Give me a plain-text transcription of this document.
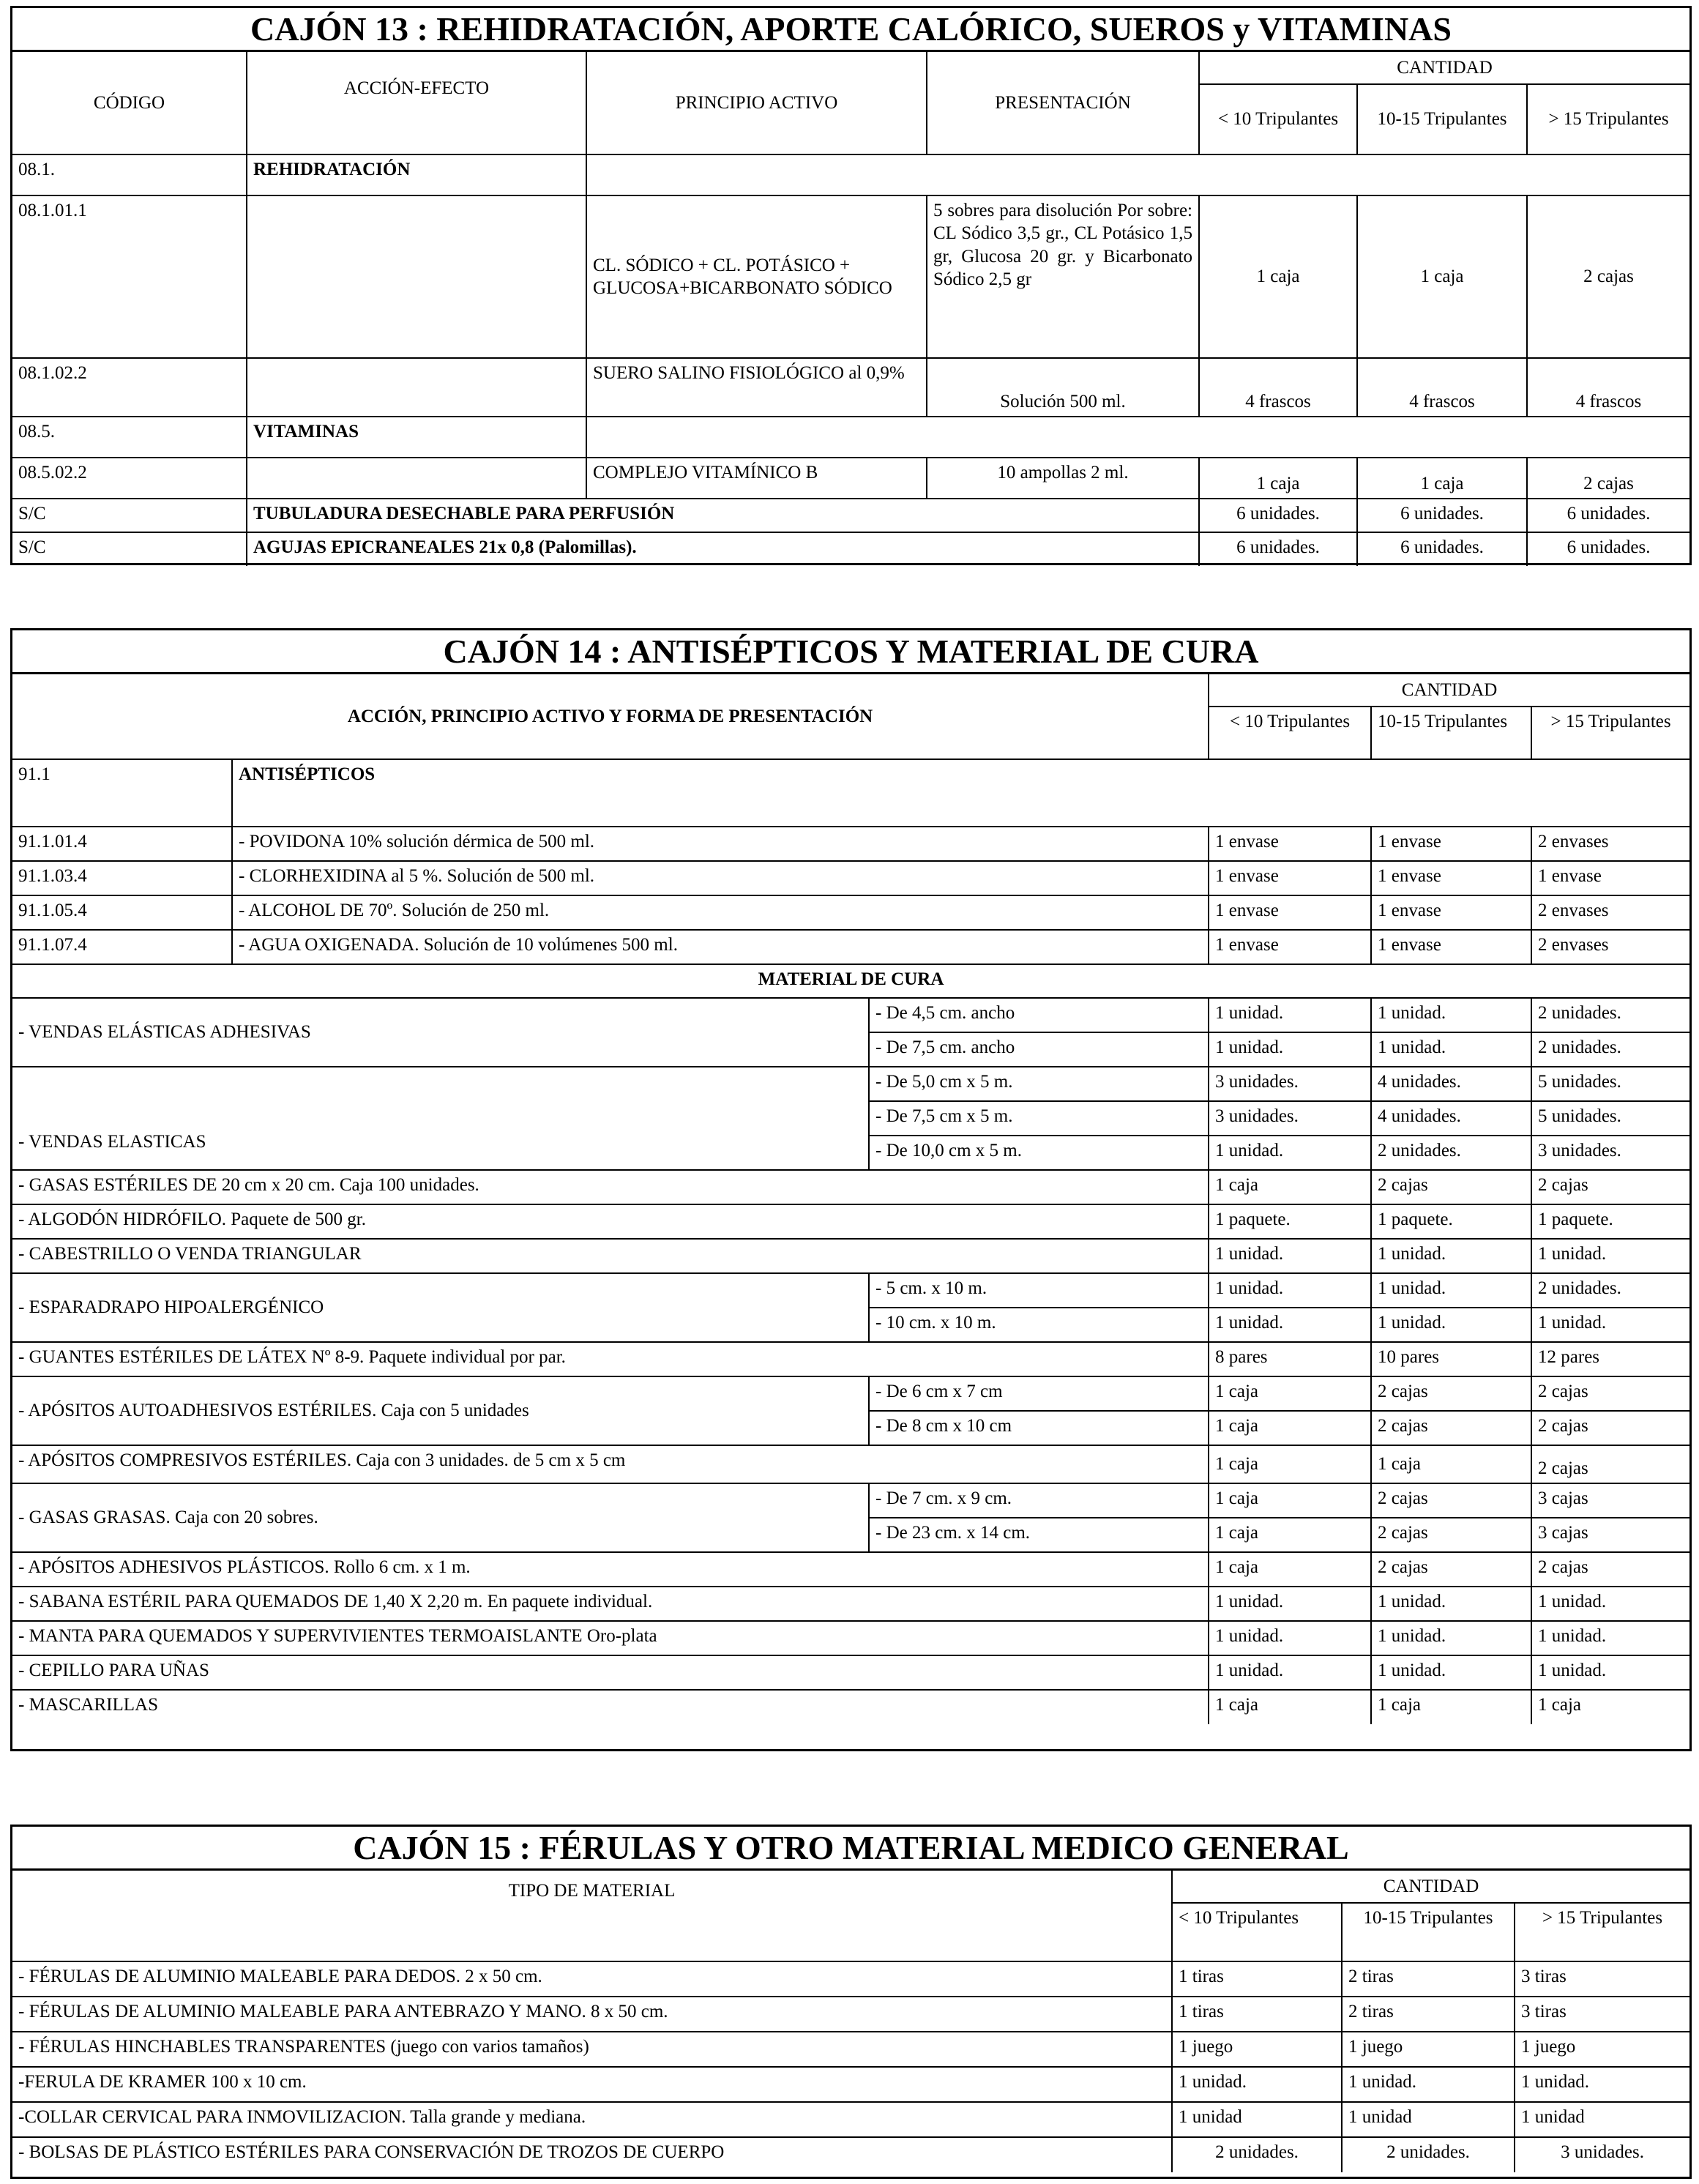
CAJÓN 13 : REHIDRATACIÓN, APORTE CALÓRICO, SUEROS y VITAMINAS
CÓDIGO	ACCIÓN-EFECTO	PRINCIPIO ACTIVO	PRESENTACIÓN	CANTIDAD		
				< 10 Tripulantes	10-15 Tripulantes	> 15 Tripulantes
08.1.	REHIDRATACIÓN					
08.1.01.1		CL. SÓDICO + CL. POTÁSICO + GLUCOSA+BICARBONATO SÓDICO	5 sobres para disolución Por sobre: CL Sódico 3,5 gr., CL Potásico 1,5 gr, Glucosa 20 gr. y Bicarbonato Sódico 2,5 gr	1 caja	1 caja	2 cajas
08.1.02.2		SUERO SALINO FISIOLÓGICO al 0,9%	Solución 500 ml.	4 frascos	4 frascos	4 frascos
08.5.	VITAMINAS					
08.5.02.2		COMPLEJO VITAMÍNICO B	10 ampollas 2 ml.	1 caja	1 caja	2 cajas
S/C	TUBULADURA DESECHABLE PARA PERFUSIÓN			6 unidades.	6 unidades.	6 unidades.
S/C	AGUJAS EPICRANEALES 21x 0,8 (Palomillas).			6 unidades.	6 unidades.	6 unidades.
CAJÓN 14 : ANTISÉPTICOS Y MATERIAL DE CURA
ACCIÓN, PRINCIPIO ACTIVO Y FORMA DE PRESENTACIÓN			CANTIDAD		
			< 10 Tripulantes	10-15 Tripulantes	> 15 Tripulantes
91.1	ANTISÉPTICOS				
91.1.01.4	- POVIDONA 10% solución dérmica de 500 ml.		1 envase	1 envase	2 envases
91.1.03.4	- CLORHEXIDINA al 5 %. Solución de 500 ml.		1 envase	1 envase	1 envase
91.1.05.4	- ALCOHOL DE 70º. Solución de 250 ml.		1 envase	1 envase	2 envases
91.1.07.4	- AGUA OXIGENADA. Solución de 10 volúmenes 500 ml.		1 envase	1 envase	2 envases
MATERIAL DE CURA					
- VENDAS ELÁSTICAS ADHESIVAS		- De 4,5 cm. ancho	1 unidad.	1 unidad.	2 unidades.
		- De 7,5 cm. ancho	1 unidad.	1 unidad.	2 unidades.
- VENDAS ELASTICAS		- De 5,0 cm x 5 m.	3 unidades.	4 unidades.	5 unidades.
		- De 7,5 cm x 5 m.	3 unidades.	4 unidades.	5 unidades.
		- De 10,0 cm x 5 m.	1 unidad.	2 unidades.	3 unidades.
- GASAS ESTÉRILES DE 20 cm x 20 cm. Caja 100 unidades.			1 caja	2 cajas	2 cajas
- ALGODÓN HIDRÓFILO. Paquete de 500 gr.			1 paquete.	1 paquete.	1 paquete.
- CABESTRILLO O VENDA TRIANGULAR			1 unidad.	1 unidad.	1 unidad.
- ESPARADRAPO HIPOALERGÉNICO		- 5 cm. x 10 m.	1 unidad.	1 unidad.	2 unidades.
		- 10 cm. x 10 m.	1 unidad.	1 unidad.	1 unidad.
- GUANTES ESTÉRILES DE LÁTEX Nº 8-9. Paquete individual por par.			8 pares	10 pares	12 pares
- APÓSITOS AUTOADHESIVOS ESTÉRILES. Caja con 5 unidades		- De 6 cm x 7 cm	1 caja	2 cajas	2 cajas
		- De 8 cm x 10 cm	1 caja	2 cajas	2 cajas
- APÓSITOS COMPRESIVOS ESTÉRILES. Caja con 3 unidades. de 5 cm x 5 cm			1 caja	1 caja	2 cajas
- GASAS GRASAS. Caja con 20 sobres.		- De 7 cm. x 9 cm.	1 caja	2 cajas	3 cajas
		- De 23 cm. x 14 cm.	1 caja	2 cajas	3 cajas
- APÓSITOS ADHESIVOS PLÁSTICOS. Rollo 6 cm. x 1 m.			1 caja	2 cajas	2 cajas
- SABANA ESTÉRIL PARA QUEMADOS DE 1,40 X 2,20 m. En paquete individual.			1 unidad.	1 unidad.	1 unidad.
- MANTA PARA QUEMADOS Y SUPERVIVIENTES TERMOAISLANTE Oro-plata			1 unidad.	1 unidad.	1 unidad.
- CEPILLO PARA UÑAS			1 unidad.	1 unidad.	1 unidad.
- MASCARILLAS			1 caja	1 caja	1 caja
CAJÓN 15 : FÉRULAS Y OTRO MATERIAL MEDICO GENERAL
TIPO DE MATERIAL	CANTIDAD		
	< 10 Tripulantes	10-15 Tripulantes	> 15 Tripulantes
- FÉRULAS DE ALUMINIO MALEABLE PARA DEDOS. 2 x 50 cm.	1 tiras	2 tiras	3 tiras
- FÉRULAS DE ALUMINIO MALEABLE PARA ANTEBRAZO Y MANO. 8 x 50 cm.	1 tiras	2 tiras	3 tiras
- FÉRULAS HINCHABLES TRANSPARENTES (juego con varios tamaños)	1 juego	1 juego	1 juego
-FERULA DE KRAMER 100 x 10 cm.	1 unidad.	1 unidad.	1 unidad.
-COLLAR CERVICAL PARA INMOVILIZACION. Talla grande y mediana.	1 unidad	1 unidad	1 unidad
- BOLSAS DE PLÁSTICO ESTÉRILES PARA CONSERVACIÓN DE TROZOS DE CUERPO	2 unidades.	2 unidades.	3 unidades.
